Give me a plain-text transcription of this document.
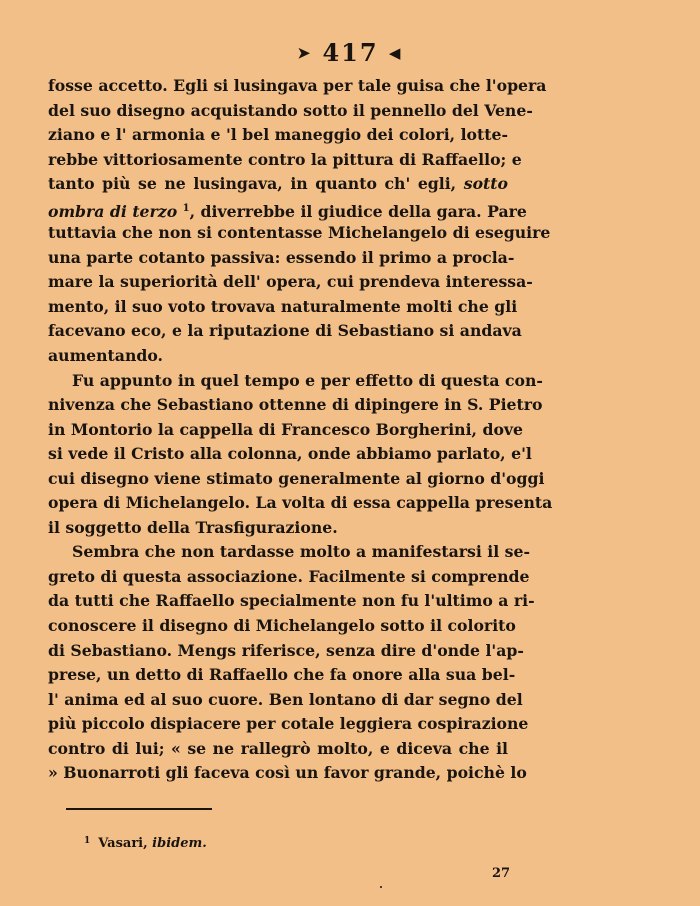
➤ 417 ◀
fosse accetto. Egli si lusingava per tale guisa che l'opera
del suo disegno acquistando sotto il pennello del Vene-
ziano e l' armonia e 'l bel maneggio dei colori, lotte-
rebbe vittoriosamente contro la pittura di Raffaello; e
tanto più se ne lusingava, in quanto ch' egli, sotto
ombra di terzo $^1$, diverrebbe il giudice della gara. Pare
tuttavia che non si contentasse Michelangelo di eseguire
una parte cotanto passiva: essendo il primo a procla-
mare la superiorità dell' opera, cui prendeva interessa-
mento, il suo voto trovava naturalmente molti che gli
facevano eco, e la riputazione di Sebastiano si andava
aumentando.
Fu appunto in quel tempo e per effetto di questa con-
nivenza che Sebastiano ottenne di dipingere in S. Pietro
in Montorio la cappella di Francesco Borgherini, dove
si vede il Cristo alla colonna, onde abbiamo parlato, e'l
cui disegno viene stimato generalmente al giorno d'oggi
opera di Michelangelo. La volta di essa cappella presenta
il soggetto della Trasfigurazione.
Sembra che non tardasse molto a manifestarsi il se-
greto di questa associazione. Facilmente si comprende
da tutti che Raffaello specialmente non fu l'ultimo a ri-
conoscere il disegno di Michelangelo sotto il colorito
di Sebastiano. Mengs riferisce, senza dire d'onde l'ap-
prese, un detto di Raffaello che fa onore alla sua bel-
l' anima ed al suo cuore. Ben lontano di dar segno del
più piccolo dispiacere per cotale leggiera cospirazione
contro di lui; « se ne rallegrò molto, e diceva che il
» Buonarroti gli faceva così un favor grande, poichè lo
$^1$ Vasari, ibidem.
27
